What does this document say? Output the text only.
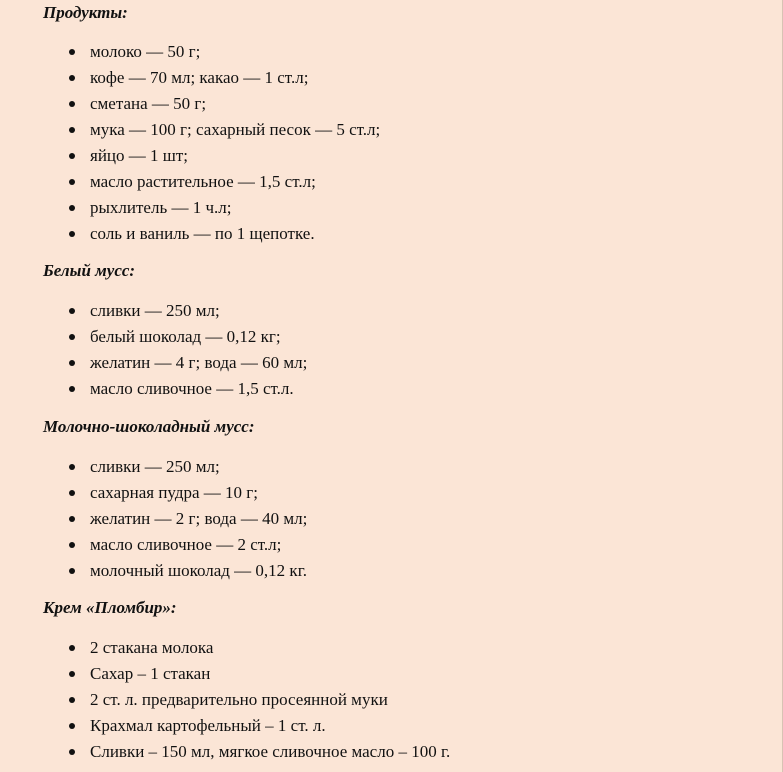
Продукты:
молоко — 50 г;
кофе — 70 мл; какао — 1 ст.л;
сметана — 50 г;
мука — 100 г; сахарный песок — 5 ст.л;
яйцо — 1 шт;
масло растительное — 1,5 ст.л;
рыхлитель — 1 ч.л;
соль и ваниль — по 1 щепотке.
Белый мусс:
сливки — 250 мл;
белый шоколад — 0,12 кг;
желатин — 4 г; вода — 60 мл;
масло сливочное — 1,5 ст.л.
Молочно-шоколадный мусс:
сливки — 250 мл;
сахарная пудра — 10 г;
желатин — 2 г; вода — 40 мл;
масло сливочное — 2 ст.л;
молочный шоколад — 0,12 кг.
Крем «Пломбир»:
2 стакана молока
Сахар – 1 стакан
2 ст. л. предварительно просеянной муки
Крахмал картофельный – 1 ст. л.
Сливки – 150 мл, мягкое сливочное масло – 100 г.
